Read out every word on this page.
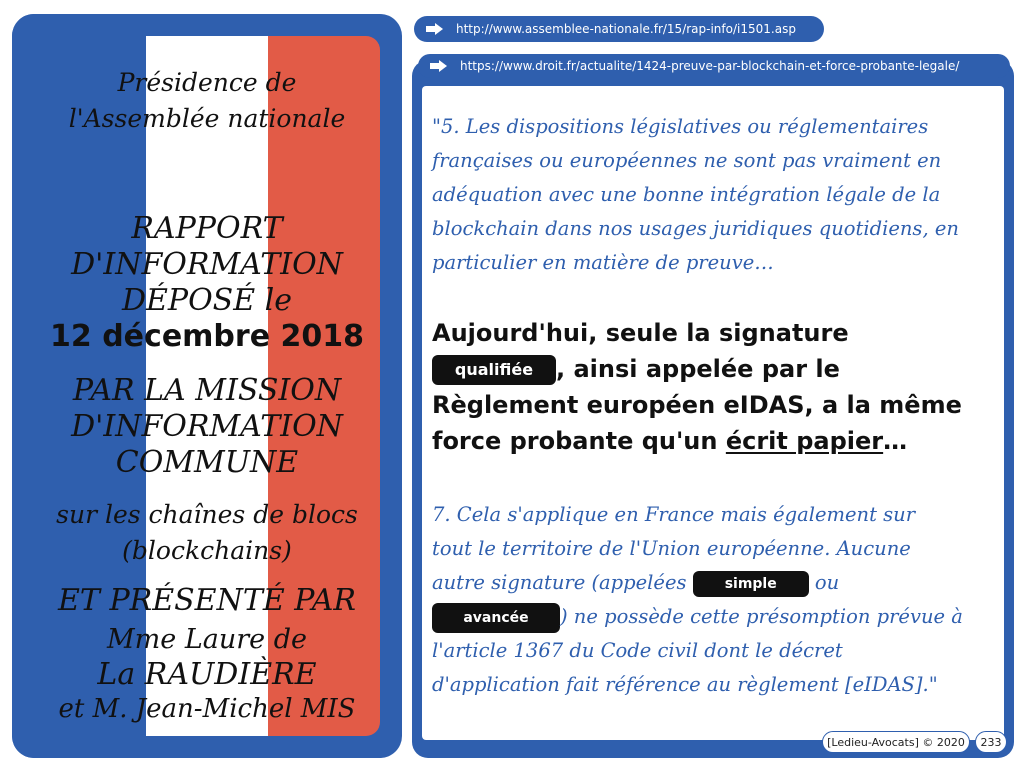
Présidence de
l'Assemblée nationale
RAPPORT
D'INFORMATION
DÉPOSÉ le
12 décembre 2018
PAR LA MISSION
D'INFORMATION
COMMUNE
sur les chaînes de blocs
(blockchains)
ET PRÉSENTÉ PAR
Mme Laure de
La RAUDIÈRE
et M. Jean-Michel MIS
http://www.assemblee-nationale.fr/15/rap-info/i1501.asp
https://www.droit.fr/actualite/1424-preuve-par-blockchain-et-force-probante-legale/
"5. Les dispositions législatives ou réglementaires
françaises ou européennes ne sont pas vraiment en
adéquation avec une bonne intégration légale de la
blockchain dans nos usages juridiques quotidiens, en
particulier en matière de preuve…
Aujourd'hui, seule la signature
qualifiée , ainsi appelée par le
Règlement européen eIDAS, a la même
force probante qu'un écrit papier…
7. Cela s'applique en France mais également sur
tout le territoire de l'Union européenne. Aucune
autre signature (appelées simple ou
avancée ) ne possède cette présomption prévue à
l'article 1367 du Code civil dont le décret
d'application fait référence au règlement [eIDAS]."
[Ledieu-Avocats] © 2020	233
